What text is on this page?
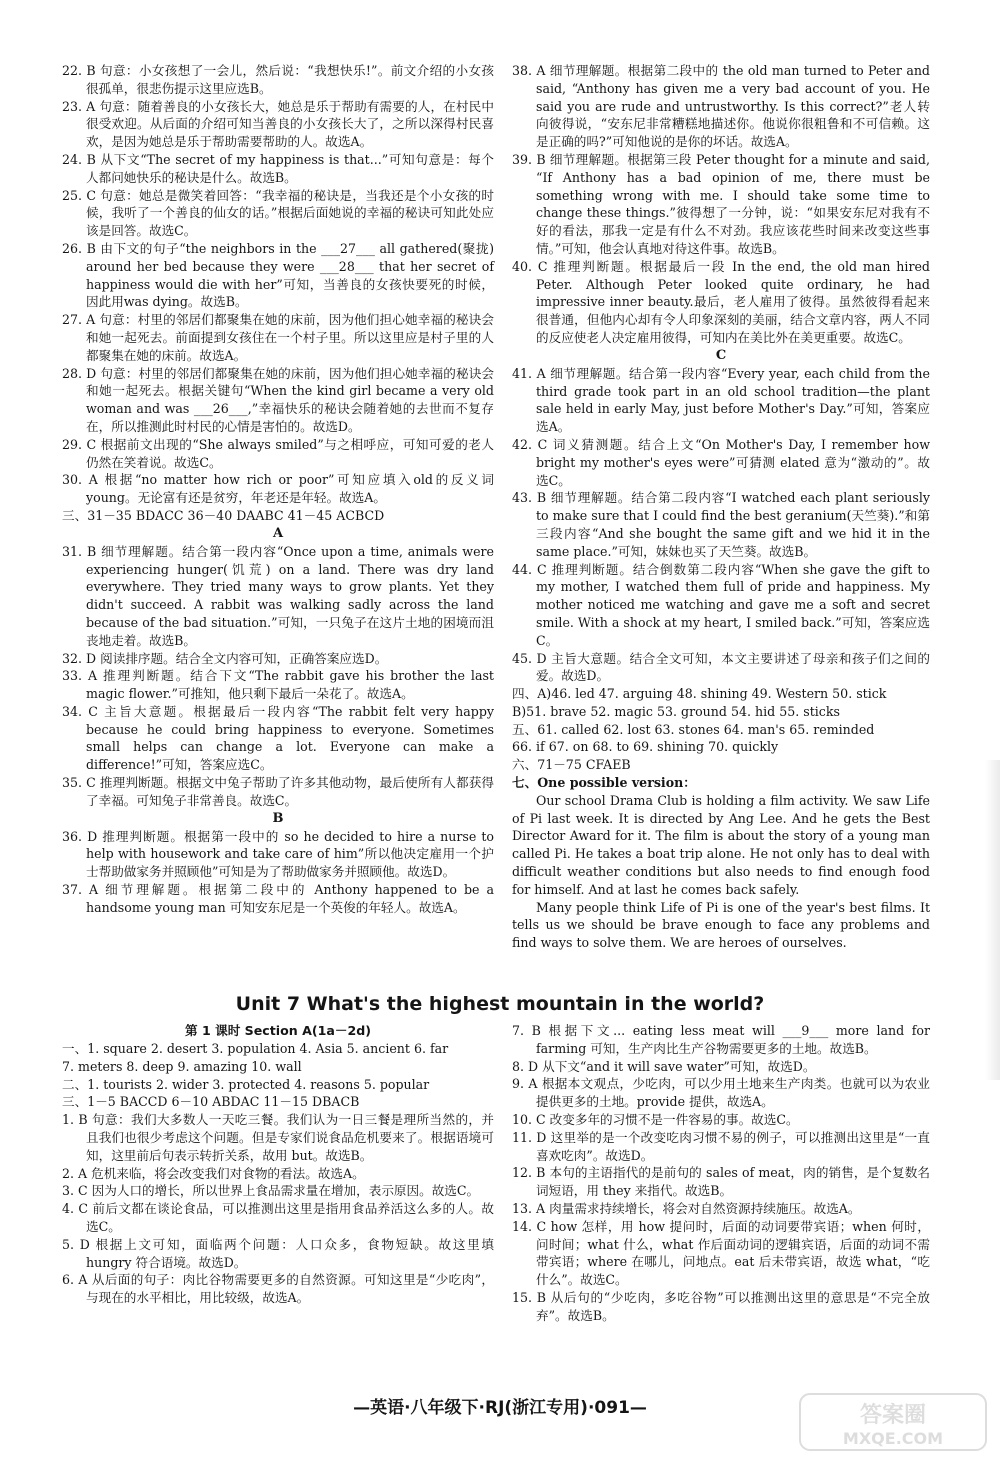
22. B 句意：小女孩想了一会儿，然后说：“我想快乐!”。前文介绍的小女孩很孤单，很悲伤提示这里应选B。

23. A 句意：随着善良的小女孩长大，她总是乐于帮助有需要的人，在村民中很受欢迎。从后面的介绍可知当善良的小女孩长大了，之所以深得村民喜欢，是因为她总是乐于帮助需要帮助的人。故选A。

24. B 从下文“The secret of my happiness is that...”可知句意是：每个人都问她快乐的秘诀是什么。故选B。

25. C 句意：她总是微笑着回答：“我幸福的秘诀是，当我还是个小女孩的时候，我听了一个善良的仙女的话。”根据后面她说的幸福的秘诀可知此处应该是回答。故选C。

26. B 由下文的句子“the neighbors in the ___27___ all gathered(聚拢) around her bed because they were ___28___ that her secret of happiness would die with her”可知，当善良的女孩快要死的时候，因此用was dying。故选B。

27. A 句意：村里的邻居们都聚集在她的床前，因为他们担心她幸福的秘诀会和她一起死去。前面提到女孩住在一个村子里。所以这里应是村子里的人都聚集在她的床前。故选A。

28. D 句意：村里的邻居们都聚集在她的床前，因为他们担心她幸福的秘诀会和她一起死去。根据关键句“When the kind girl became a very old woman and was ___26___,”幸福快乐的秘诀会随着她的去世而不复存在，所以推测此时村民的心情是害怕的。故选D。

29. C 根据前文出现的“She always smiled”与之相呼应，可知可爱的老人仍然在笑着说。故选C。

30. A 根据“no matter how rich or poor”可知应填入old的反义词young。无论富有还是贫穷，年老还是年轻。故选A。

三、31－35 BDACC 36－40 DAABC 41－45 ACBCD

A

31. B 细节理解题。结合第一段内容“Once upon a time, animals were experiencing hunger(饥荒) on a land. There was dry land everywhere. They tried many ways to grow plants. Yet they didn't succeed. A rabbit was walking sadly across the land because of the bad situation.”可知，一只兔子在这片土地的困境而沮丧地走着。故选B。

32. D 阅读排序题。结合全文内容可知，正确答案应选D。

33. A 推理判断题。结合下文“The rabbit gave his brother the last magic flower.”可推知，他只剩下最后一朵花了。故选A。

34. C 主旨大意题。根据最后一段内容“The rabbit felt very happy because he could bring happiness to everyone. Sometimes small helps can change a lot. Everyone can make a difference!”可知，答案应选C。

35. C 推理判断题。根据文中兔子帮助了许多其他动物，最后使所有人都获得了幸福。可知兔子非常善良。故选C。

B

36. D 推理判断题。根据第一段中的 so he decided to hire a nurse to help with housework and take care of him”所以他决定雇用一个护士帮助做家务并照顾他”可知是为了帮助做家务并照顾他。故选D。

37. A 细节理解题。根据第二段中的 Anthony happened to be a handsome young man 可知安东尼是一个英俊的年轻人。故选A。

38. A 细节理解题。根据第二段中的 the old man turned to Peter and said, “Anthony has given me a very bad account of you. He said you are rude and untrustworthy. Is this correct?”老人转向彼得说，“安东尼非常糟糕地描述你。他说你很粗鲁和不可信赖。这是正确的吗?”可知他说的是你的坏话。故选A。

39. B 细节理解题。根据第三段 Peter thought for a minute and said, “If Anthony has a bad opinion of me, there must be something wrong with me. I should take some time to change these things.”彼得想了一分钟，说：“如果安东尼对我有不好的看法，那我一定是有什么不对劲。我应该花些时间来改变这些事情。”可知，他会认真地对待这件事。故选B。

40. C 推理判断题。根据最后一段 In the end, the old man hired Peter. Although Peter looked quite ordinary, he had impressive inner beauty.最后，老人雇用了彼得。虽然彼得看起来很普通，但他内心却有令人印象深刻的美丽，结合文章内容，两人不同的反应使老人决定雇用彼得，可知内在美比外在美更重要。故选C。

C

41. A 细节理解题。结合第一段内容“Every year, each child from the third grade took part in an old school tradition—the plant sale held in early May, just before Mother's Day.”可知，答案应选A。

42. C 词义猜测题。结合上文“On Mother's Day, I remember how bright my mother's eyes were”可猜测 elated 意为“激动的”。故选C。

43. B 细节理解题。结合第二段内容“I watched each plant seriously to make sure that I could find the best geranium(天竺葵).”和第三段内容“And she bought the same gift and we hid it in the same place.”可知，妹妹也买了天竺葵。故选B。

44. C 推理判断题。结合倒数第二段内容“When she gave the gift to my mother, I watched them full of pride and happiness. My mother noticed me watching and gave me a soft and secret smile. With a shock at my heart, I smiled back.”可知，答案应选C。

45. D 主旨大意题。结合全文可知，本文主要讲述了母亲和孩子们之间的爱。故选D。

四、A)46. led 47. arguing 48. shining 49. Western 50. stick

B)51. brave 52. magic 53. ground 54. hid 55. sticks

五、61. called 62. lost 63. stones 64. man's 65. reminded

66. if 67. on 68. to 69. shining 70. quickly

六、71－75 CFAEB

七、One possible version：

Our school Drama Club is holding a film activity. We saw Life of Pi last week. It is directed by Ang Lee. And he gets the Best Director Award for it. The film is about the story of a young man called Pi. He takes a boat trip alone. He not only has to deal with difficult weather conditions but also needs to find enough food for himself. And at last he comes back safely.

Many people think Life of Pi is one of the year's best films. It tells us we should be brave enough to face any problems and find ways to solve them. We are heroes of ourselves.

Unit 7 What's the highest mountain in the world?

第 1 课时 Section A(1a－2d)

一、1. square 2. desert 3. population 4. Asia 5. ancient 6. far

7. meters 8. deep 9. amazing 10. wall

二、1. tourists 2. wider 3. protected 4. reasons 5. popular

三、1－5 BACCD 6－10 ABDAC 11－15 DBACB

1. B 句意：我们大多数人一天吃三餐。我们认为一日三餐是理所当然的，并且我们也很少考虑这个问题。但是专家们说食品危机要来了。根据语境可知，这里前后句表示转折关系，故用 but。故选B。

2. A 危机来临，将会改变我们对食物的看法。故选A。

3. C 因为人口的增长，所以世界上食品需求量在增加，表示原因。故选C。

4. C 前后文都在谈论食品，可以推测出这里是指用食品养活这么多的人。故选C。

5. D 根据上文可知，面临两个问题：人口众多，食物短缺。故这里填 hungry 符合语境。故选D。

6. A 从后面的句子：肉比谷物需要更多的自然资源。可知这里是“少吃肉”，与现在的水平相比，用比较级，故选A。

7. B 根据下文... eating less meat will ___9___ more land for farming 可知，生产肉比生产谷物需要更多的土地。故选B。

8. D 从下文“and it will save water”可知，故选D。

9. A 根据本文观点，少吃肉，可以少用土地来生产肉类。也就可以为农业提供更多的土地。provide 提供，故选A。

10. C 改变多年的习惯不是一件容易的事。故选C。

11. D 这里举的是一个改变吃肉习惯不易的例子，可以推测出这里是“一直喜欢吃肉”。故选D。

12. B 本句的主语指代的是前句的 sales of meat，肉的销售，是个复数名词短语，用 they 来指代。故选B。

13. A 肉量需求持续增长，将会对自然资源持续施压。故选A。

14. C how 怎样，用 how 提问时，后面的动词要带宾语；when 何时，问时间；what 什么，what 作后面动词的逻辑宾语，后面的动词不需带宾语；where 在哪儿，问地点。eat 后未带宾语，故选 what，“吃什么”。故选C。

15. B 从后句的“少吃肉，多吃谷物”可以推测出这里的意思是“不完全放弃”。故选B。

—英语·八年级下·RJ(浙江专用)·091—	答案圈
MXQE.COM
